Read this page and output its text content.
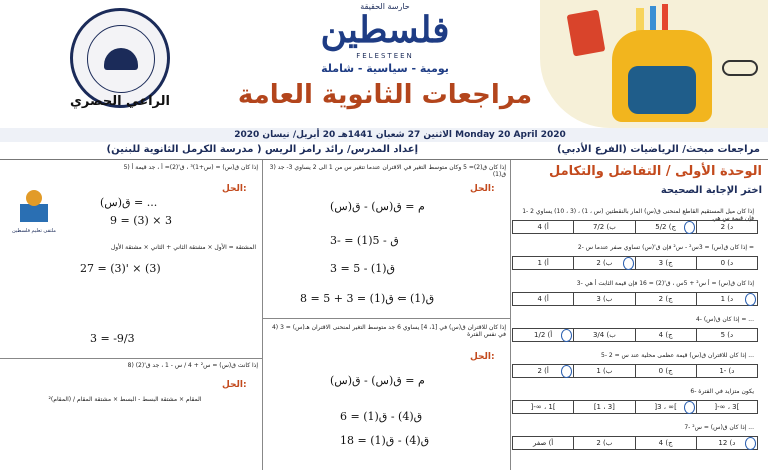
الراعي الحصري
حارسة الحقيقة
فلسطين
FELESTEEN
يومية - سياسية - شاملة
مراجعات الثانوية العامة
الاثنين 27 شعبان 1441هـ 20 أبريل/ نيسان 2020 Monday 20 April 2020
مراجعات مبحث/ الرياضيات (الفرع الأدبي)
إعداد المدرس/ رائد رامز الريس ( مدرسة الكرمل الثانوية للبنين)
الوحدة الأولى / التفاضل والتكامل
اختر الإجابة الصحيحة
1- إذا كان ميل المستقيم القاطع لمنحنى ق(س) المار بالنقطتين (س ، 1) ، (3 ، 10) يساوي 2 فإن قيمة س هي
أ) 4	ب) 7/2	ج) 5/2	د) 2
2- إذا كان ق(س) = 3س² - س² فإن ق'(س) تساوي صفر عندما س =
أ) 1	ب) 2	ج) 3	د) 0
3- إذا كان ق(س) = أ س² + 5س ، ق'(2) = 16 فإن قيمة الثابت أ هي
أ) 4	ب) 3	ج) 2	د) 1
4- إذا كان ق(س) = ...
أ) 1/2	ب) 3/4	ج) 4	د) 5
5- إذا كان للاقتران ق(س) قيمة عظمى محلية عند س = 2 ...
أ) 2	ب) 1	ج) 0	د) -1
6- يكون متزايد في الفترة
]-∞ ، 1[	[1 ، 3]	]3 ، ∞[	]-∞ ، 3[
7- إذا كان ق(س) = س² ...
أ) صفر	ب) 2	ج) 4	د) 12
3) إذا كان ق(2)= 5 وكان متوسط التغير في الاقتران عندما تتغير س من 1 الى 2 يساوي 3- جد ق(1)
الحل:
م = ق(س) - ق(س)
3- = (1)ق - 5
3 = ق(1) - 5
8 = ق(1) ⇐ ق(1) = 3 + 5
4) إذا كان للاقتران ق(س) في [1، 4] يساوي 6 جد متوسط التغير لمنحنى الاقتران هـ(س) = 3 في نفس الفترة
الحل:
م = ق(س) - ق(س)
6 = ق(4) - ق(1)
18 = ق(4) - ق(1)
5) إذا كان ق(س) = (س+1)³ ، ق'(2)= أ ، جد قيمة أ
الحل:
ملتقى تعليم فلسطين
ق(س) = ...
9 = (3) × 3
المشتقة = الأول × مشتقة الثاني + الثاني × مشتقة الأول
27 = (3)' × (3)
3 = -9/3
8) إذا كانت ق(س) = س² + 4 / س - 1 ، جد ق'(2)
الحل:
المقام × مشتقة البسط - البسط × مشتقة المقام / (المقام)²
